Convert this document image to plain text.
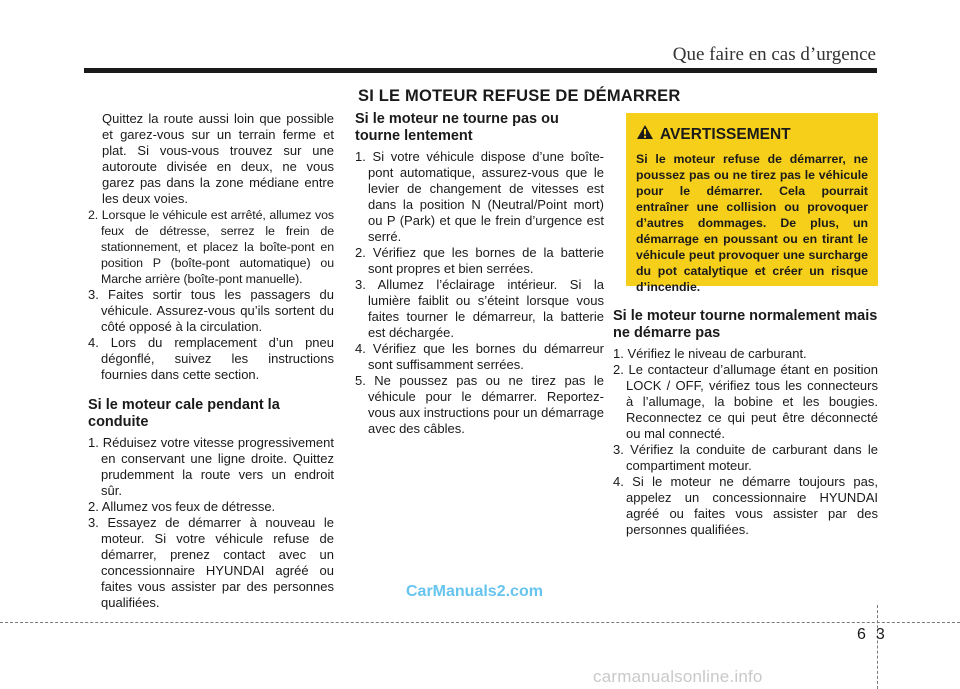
Que faire en cas d’urgence
SI LE MOTEUR REFUSE DE DÉMARRER

Quittez la route aussi loin que possible et garez-vous sur un terrain ferme et plat. Si vous-vous trouvez sur une autoroute divisée en deux, ne vous garez pas dans la zone médiane entre les deux voies.

2. Lorsque le véhicule est arrêté, allumez vos feux de détresse, serrez le frein de stationnement, et placez la boîte-pont en position P (boîte-pont automatique) ou Marche arrière (boîte-pont manuelle).

3. Faites sortir tous les passagers du véhicule. Assurez-vous qu’ils sortent du côté opposé à la circulation.

4. Lors du remplacement d’un pneu dégonflé, suivez les instructions fournies dans cette section.

Si le moteur cale pendant la conduite

1. Réduisez votre vitesse progressivement en conservant une ligne droite. Quittez prudemment la route vers un endroit sûr.

2. Allumez vos feux de détresse.

3. Essayez de démarrer à nouveau le moteur. Si votre véhicule refuse de démarrer, prenez contact avec un concessionnaire HYUNDAI agréé ou faites vous assister par des personnes qualifiées.

Si le moteur ne tourne pas ou tourne lentement

1. Si votre véhicule dispose d’une boîte-pont automatique, assurez-vous que le levier de changement de vitesses est dans la position N (Neutral/Point mort) ou P (Park) et que le frein d’urgence est serré.

2. Vérifiez que les bornes de la batterie sont propres et bien serrées.

3. Allumez l’éclairage intérieur. Si la lumière faiblit ou s’éteint lorsque vous faites tourner le démarreur, la batterie est déchargée.

4. Vérifiez que les bornes du démarreur sont suffisamment serrées.

5. Ne poussez pas ou ne tirez pas le véhicule pour le démarrer. Reportez-vous aux instructions pour un démarrage avec des câbles.

AVERTISSEMENT
Si le moteur refuse de démarrer, ne poussez pas ou ne tirez pas le véhicule pour le démarrer. Cela pourrait entraîner une collision ou provoquer d’autres dommages. De plus, un démarrage en poussant ou en tirant le véhicule peut provoquer une surcharge du pot catalytique et créer un risque d’incendie.
Si le moteur tourne normalement mais ne démarre pas

1. Vérifiez le niveau de carburant.

2. Le contacteur d’allumage étant en position LOCK / OFF, vérifiez tous les connecteurs à l’allumage, la bobine et les bougies. Reconnectez ce qui peut être déconnecté ou mal connecté.

3. Vérifiez la conduite de carburant dans le compartiment moteur.

4. Si le moteur ne démarre toujours pas, appelez un concessionnaire HYUNDAI agréé ou faites vous assister par des personnes qualifiées.

CarManuals2.com
63
carmanualsonline.info
